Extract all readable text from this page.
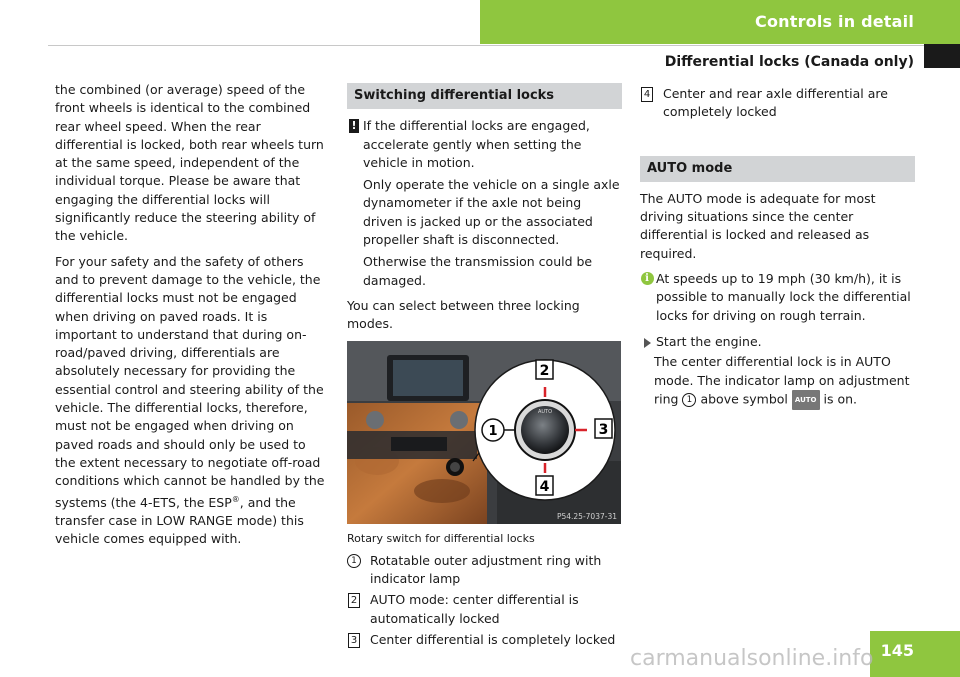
Controls in detail
Differential locks (Canada only)

the combined (or average) speed of the front wheels is identical to the combined rear wheel speed. When the rear differential is locked, both rear wheels turn at the same speed, independent of the individual torque. Please be aware that engaging the differential locks will significantly reduce the steering ability of the vehicle.

For your safety and the safety of others and to prevent damage to the vehicle, the differential locks must not be engaged when driving on paved roads. It is important to understand that during on-road/paved driving, differentials are absolutely necessary for providing the essential control and steering ability of the vehicle. The differential locks, therefore, must not be engaged when driving on paved roads and should only be used to the extent necessary to negotiate off-road conditions which cannot be handled by the systems (the 4-ETS, the ESP®, and the transfer case in LOW RANGE mode) this vehicle comes equipped with.

Switching differential locks
! If the differential locks are engaged, accelerate gently when setting the vehicle in motion.

Only operate the vehicle on a single axle dynamometer if the axle not being driven is jacked up or the associated propeller shaft is disconnected.

Otherwise the transmission could be damaged.

You can select between three locking modes.

AUTO
2
3
4
1
P54.25-7037-31
Rotary switch for differential locks
1	Rotatable outer adjustment ring with indicator lamp
2 AUTO mode: center differential is automatically locked
3 Center differential is completely locked
4 Center and rear axle differential are completely locked
AUTO mode

The AUTO mode is adequate for most driving situations since the center differential is locked and released as required.

i At speeds up to 19 mph (30 km/h), it is possible to manually lock the differential locks for driving on rough terrain.
Start the engine.
The center differential lock is in AUTO mode. The indicator lamp on adjustment ring 1 above symbol AUTO is on.
145
carmanualsonline.info
